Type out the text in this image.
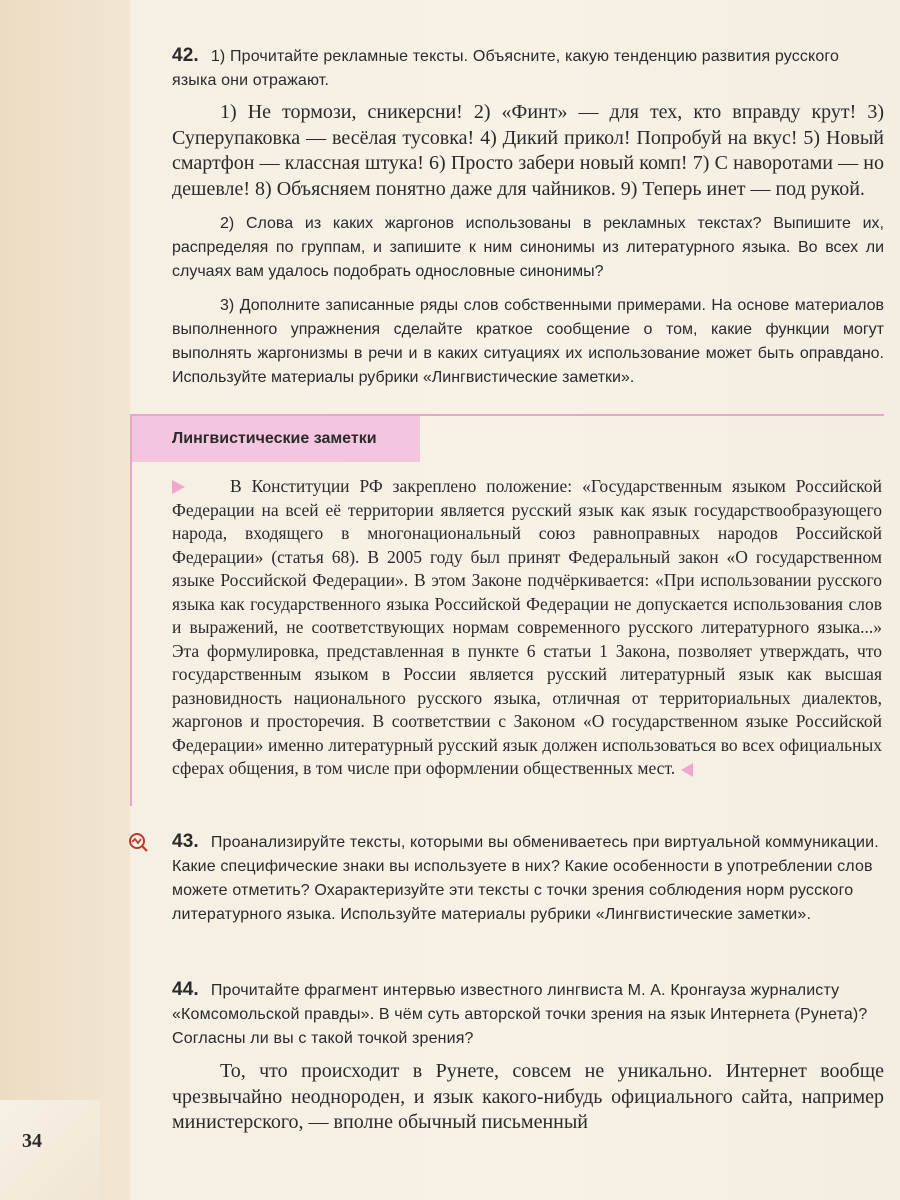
42. 1) Прочитайте рекламные тексты. Объясните, какую тенденцию развития русского языка они отражают.
1) Не тормози, сникерсни! 2) «Финт» — для тех, кто вправду крут! 3) Суперупаковка — весёлая тусовка! 4) Дикий прикол! Попробуй на вкус! 5) Новый смартфон — классная штука! 6) Просто забери новый комп! 7) С наворотами — но дешевле! 8) Объясняем понятно даже для чайников. 9) Теперь инет — под рукой.
2) Слова из каких жаргонов использованы в рекламных текстах? Выпишите их, распределяя по группам, и запишите к ним синонимы из литературного языка. Во всех ли случаях вам удалось подобрать однословные синонимы?
3) Дополните записанные ряды слов собственными примерами. На основе материалов выполненного упражнения сделайте краткое сообщение о том, какие функции могут выполнять жаргонизмы в речи и в каких ситуациях их использование может быть оправдано. Используйте материалы рубрики «Лингвистические заметки».
Лингвистические заметки
В Конституции РФ закреплено положение: «Государственным языком Российской Федерации на всей её территории является русский язык как язык государствообразующего народа, входящего в многонациональный союз равноправных народов Российской Федерации» (статья 68). В 2005 году был принят Федеральный закон «О государственном языке Российской Федерации». В этом Законе подчёркивается: «При использовании русского языка как государственного языка Российской Федерации не допускается использования слов и выражений, не соответствующих нормам современного русского литературного языка...» Эта формулировка, представленная в пункте 6 статьи 1 Закона, позволяет утверждать, что государственным языком в России является русский литературный язык как высшая разновидность национального русского языка, отличная от территориальных диалектов, жаргонов и просторечия. В соответствии с Законом «О государственном языке Российской Федерации» именно литературный русский язык должен использоваться во всех официальных сферах общения, в том числе при оформлении общественных мест.
43. Проанализируйте тексты, которыми вы обмениваетесь при виртуальной коммуникации. Какие специфические знаки вы используете в них? Какие особенности в употреблении слов можете отметить? Охарактеризуйте эти тексты с точки зрения соблюдения норм русского литературного языка. Используйте материалы рубрики «Лингвистические заметки».
44. Прочитайте фрагмент интервью известного лингвиста М. А. Кронгауза журналисту «Комсомольской правды». В чём суть авторской точки зрения на язык Интернета (Рунета)? Согласны ли вы с такой точкой зрения?
То, что происходит в Рунете, совсем не уникально. Интернет вообще чрезвычайно неоднороден, и язык какого-нибудь официального сайта, например министерского, — вполне обычный письменный
34
